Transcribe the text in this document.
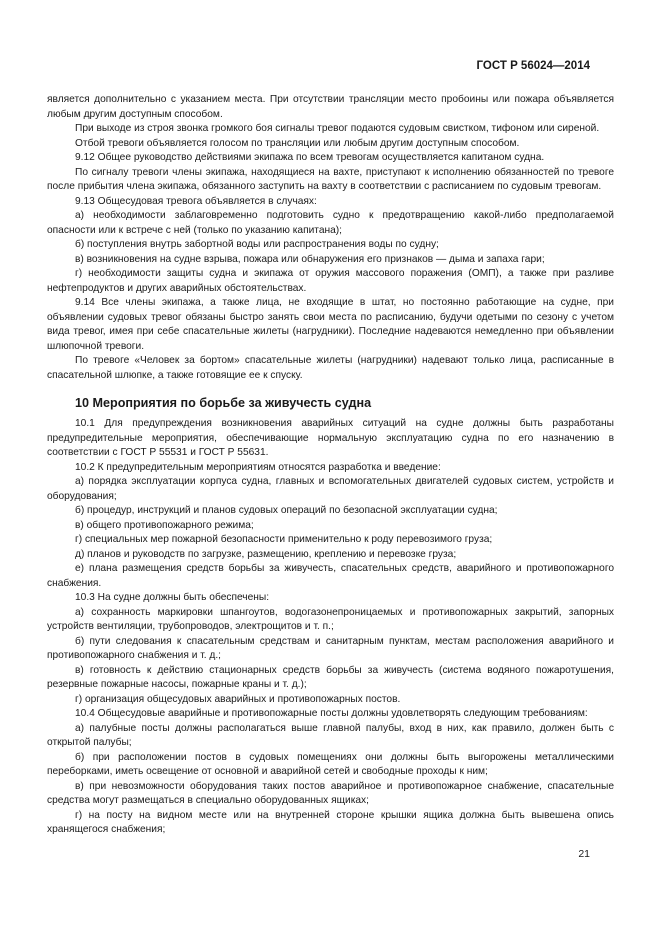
ГОСТ Р 56024—2014

является дополнительно с указанием места. При отсутствии трансляции место пробоины или пожара объявляется любым другим доступным способом.

При выходе из строя звонка громкого боя сигналы тревог подаются судовым свистком, тифоном или сиреной.

Отбой тревоги объявляется голосом по трансляции или любым другим доступным способом.

9.12 Общее руководство действиями экипажа по всем тревогам осуществляется капитаном судна.

По сигналу тревоги члены экипажа, находящиеся на вахте, приступают к исполнению обязанностей по тревоге после прибытия члена экипажа, обязанного заступить на вахту в соответствии с расписанием по судовым тревогам.

9.13 Общесудовая тревога объявляется в случаях:

а) необходимости заблаговременно подготовить судно к предотвращению какой-либо предполагаемой опасности или к встрече с ней (только по указанию капитана);

б) поступления внутрь забортной воды или распространения воды по судну;

в) возникновения на судне взрыва, пожара или обнаружения его признаков — дыма и запаха гари;

г) необходимости защиты судна и экипажа от оружия массового поражения (ОМП), а также при разливе нефтепродуктов и других аварийных обстоятельствах.

9.14 Все члены экипажа, а также лица, не входящие в штат, но постоянно работающие на судне, при объявлении судовых тревог обязаны быстро занять свои места по расписанию, будучи одетыми по сезону с учетом вида тревог, имея при себе спасательные жилеты (нагрудники). Последние надеваются немедленно при объявлении шлюпочной тревоги.

По тревоге «Человек за бортом» спасательные жилеты (нагрудники) надевают только лица, расписанные в спасательной шлюпке, а также готовящие ее к спуску.

10 Мероприятия по борьбе за живучесть судна

10.1 Для предупреждения возникновения аварийных ситуаций на судне должны быть разработаны предупредительные мероприятия, обеспечивающие нормальную эксплуатацию судна по его назначению в соответствии с ГОСТ Р 55531 и ГОСТ Р 55631.

10.2 К предупредительным мероприятиям относятся разработка и введение:

а) порядка эксплуатации корпуса судна, главных и вспомогательных двигателей судовых систем, устройств и оборудования;

б) процедур, инструкций и планов судовых операций по безопасной эксплуатации судна;

в) общего противопожарного режима;

г) специальных мер пожарной безопасности применительно к роду перевозимого груза;

д) планов и руководств по загрузке, размещению, креплению и перевозке груза;

е) плана размещения средств борьбы за живучесть, спасательных средств, аварийного и противопожарного снабжения.

10.3 На судне должны быть обеспечены:

а) сохранность маркировки шпангоутов, водогазонепроницаемых и противопожарных закрытий, запорных устройств вентиляции, трубопроводов, электрощитов и т. п.;

б) пути следования к спасательным средствам и санитарным пунктам, местам расположения аварийного и противопожарного снабжения и т. д.;

в) готовность к действию стационарных средств борьбы за живучесть (система водяного пожаротушения, резервные пожарные насосы, пожарные краны и т. д.);

г) организация общесудовых аварийных и противопожарных постов.

10.4 Общесудовые аварийные и противопожарные посты должны удовлетворять следующим требованиям:

а) палубные посты должны располагаться выше главной палубы, вход в них, как правило, должен быть с открытой палубы;

б) при расположении постов в судовых помещениях они должны быть выгорожены металлическими переборками, иметь освещение от основной и аварийной сетей и свободные проходы к ним;

в) при невозможности оборудования таких постов аварийное и противопожарное снабжение, спасательные средства могут размещаться в специально оборудованных ящиках;

г) на посту на видном месте или на внутренней стороне крышки ящика должна быть вывешена опись хранящегося снабжения;

21
